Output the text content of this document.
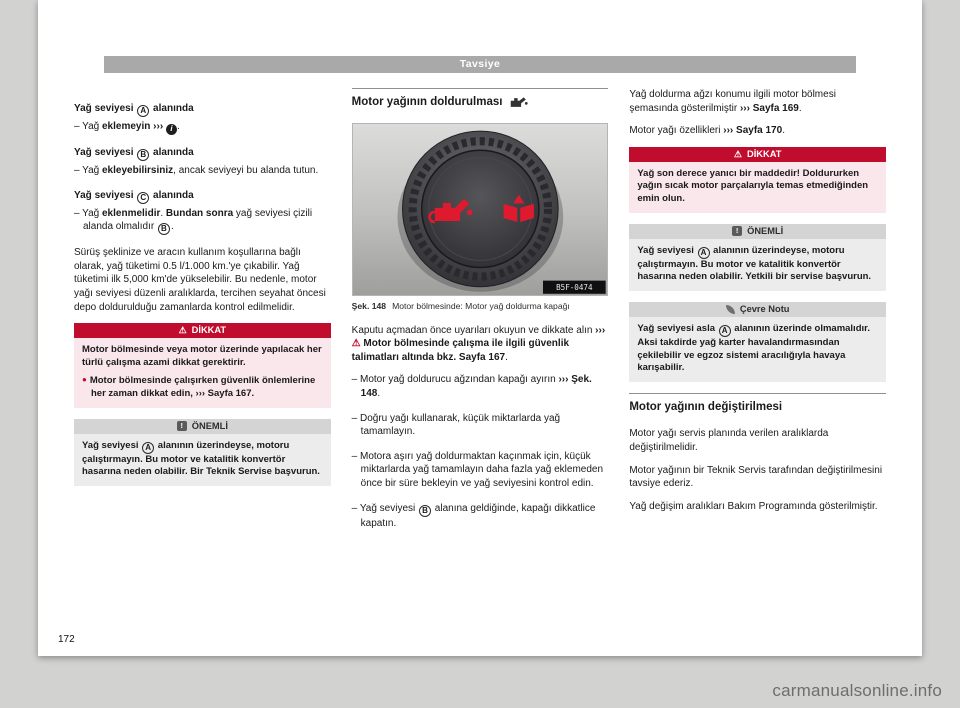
Tavsiye

Yağ seviyesi A alanında

– Yağ eklemeyin ››› i .

Yağ seviyesi B alanında

– Yağ ekleyebilirsiniz, ancak seviyeyi bu alanda tutun.

Yağ seviyesi C alanında

– Yağ eklenmelidir. Bundan sonra yağ seviyesi çizili alanda olmalıdır B .

Sürüş şeklinize ve aracın kullanım koşullarına bağlı olarak, yağ tüketimi 0.5 l/1.000 km.'ye çıkabilir. Yağ tüketimi ilk 5,000 km'de yükselebilir. Bu nedenle, motor yağı seviyesi düzenli aralıklarda, tercihen seyahat öncesi depo doldurulduğu zamanlarda kontrol edilmelidir.

⚠ DİKKAT

Motor bölmesinde veya motor üzerinde yapılacak her türlü çalışma azami dikkat gerektirir.

● Motor bölmesinde çalışırken güvenlik önlemlerine her zaman dikkat edin, ››› Sayfa 167.

! ÖNEMLİ

Yağ seviyesi A alanının üzerindeyse, motoru çalıştırmayın. Bu motor ve katalitik konvertör hasarına neden olabilir. Bir Teknik Servise başvurun.

Motor yağının doldurulması
B5F-0474

Şek. 148 Motor bölmesinde: Motor yağ doldurma kapağı

Kaputu açmadan önce uyarıları okuyun ve dikkate alın ››› ⚠ Motor bölmesinde çalışma ile ilgili güvenlik talimatları altında bkz. Sayfa 167.

– Motor yağ doldurucu ağzından kapağı ayırın ››› Şek. 148.

– Doğru yağı kullanarak, küçük miktarlarda yağ tamamlayın.

– Motora aşırı yağ doldurmaktan kaçınmak için, küçük miktarlarda yağ tamamlayın daha fazla yağ eklemeden önce bir süre bekleyin ve yağ seviyesini kontrol edin.

– Yağ seviyesi B alanına geldiğinde, kapağı dikkatlice kapatın.

Yağ doldurma ağzı konumu ilgili motor bölmesi şemasında gösterilmiştir ››› Sayfa 169.

Motor yağı özellikleri ››› Sayfa 170.

⚠ DİKKAT

Yağ son derece yanıcı bir maddedir! Doldururken yağın sıcak motor parçalarıyla temas etmediğinden emin olun.

! ÖNEMLİ

Yağ seviyesi A alanının üzerindeyse, motoru çalıştırmayın. Bu motor ve katalitik konvertör hasarına neden olabilir. Yetkili bir servise başvurun.

Çevre Notu

Yağ seviyesi asla A alanının üzerinde olmamalıdır. Aksi takdirde yağ karter havalandırmasından çekilebilir ve egzoz sistemi aracılığıyla havaya karışabilir.

Motor yağının değiştirilmesi

Motor yağı servis planında verilen aralıklarda değiştirilmelidir.

Motor yağının bir Teknik Servis tarafından değiştirilmesini tavsiye ederiz.

Yağ değişim aralıkları Bakım Programında gösterilmiştir.

172
carmanualsonline.info
